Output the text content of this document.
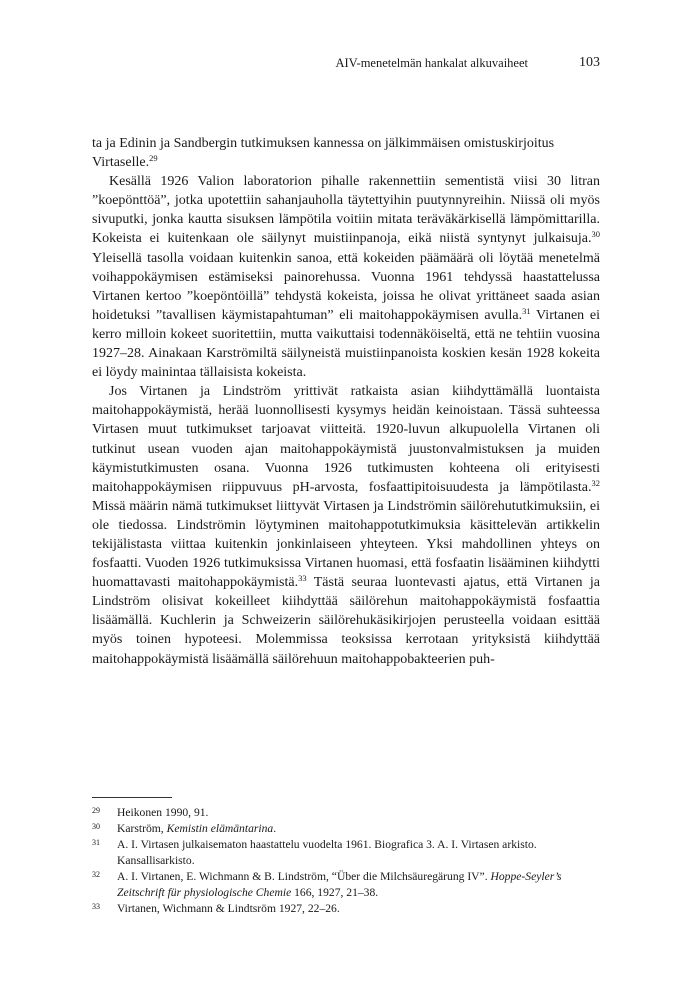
AIV-menetelmän hankalat alkuvaiheet	103

ta ja Edinin ja Sandbergin tutkimuksen kannessa on jälkimmäisen omistuskirjoitus
Virtaselle.$^{29}$

Kesällä 1926 Valion laboratorion pihalle rakennettiin sementistä viisi 30 litran ”koepönttöä”, jotka upotettiin sahanjauholla täytettyihin puutynnyreihin. Niissä oli myös sivuputki, jonka kautta sisuksen lämpötila voitiin mitata teräväkärkisellä lämpömittarilla. Kokeista ei kuitenkaan ole säilynyt muistiinpanoja, eikä niistä syntynyt julkaisuja.$^{30}$ Yleisellä tasolla voidaan kuitenkin sanoa, että kokeiden päämäärä oli löytää menetelmä voihappokäymisen estämiseksi painorehussa. Vuonna 1961 tehdyssä haastattelussa Virtanen kertoo ”koepöntöillä” tehdystä kokeista, joissa he olivat yrittäneet saada asian hoidetuksi ”tavallisen käymistapahtuman” eli maitohappokäymisen avulla.$^{31}$ Virtanen ei kerro milloin kokeet suoritettiin, mutta vaikuttaisi todennäköiseltä, että ne tehtiin vuosina 1927–28. Ainakaan Karströmiltä säilyneistä muistiinpanoista koskien kesän 1928 kokeita ei löydy mainintaa tällaisista kokeista.

Jos Virtanen ja Lindström yrittivät ratkaista asian kiihdyttämällä luontaista maitohappokäymistä, herää luonnollisesti kysymys heidän keinoistaan. Tässä suhteessa Virtasen muut tutkimukset tarjoavat viitteitä. 1920-luvun alkupuolella Virtanen oli tutkinut usean vuoden ajan maitohappokäymistä juustonvalmistuksen ja muiden käymistutkimusten osana. Vuonna 1926 tutkimusten kohteena oli erityisesti maitohappokäymisen riippuvuus pH-arvosta, fosfaattipitoisuudesta ja lämpötilasta.$^{32}$ Missä määrin nämä tutkimukset liittyvät Virtasen ja Lindströmin säilörehututkimuksiin, ei ole tiedossa. Lindströmin löytyminen maitohappotutkimuksia käsittelevän artikkelin tekijälistasta viittaa kuitenkin jonkinlaiseen yhteyteen. Yksi mahdollinen yhteys on fosfaatti. Vuoden 1926 tutkimuksissa Virtanen huomasi, että fosfaatin lisääminen kiihdytti huomattavasti maitohappokäymistä.$^{33}$ Tästä seuraa luontevasti ajatus, että Virtanen ja Lindström olisivat kokeilleet kiihdyttää säilörehun maitohappokäymistä fosfaattia lisäämällä. Kuchlerin ja Schweizerin säilörehukäsikirjojen perusteella voidaan esittää myös toinen hypoteesi. Molemmissa teoksissa kerrotaan yrityksistä kiihdyttää maitohappokäymistä lisäämällä säilörehuun maitohappobakteerien puh-

29 Heikonen 1990, 91.
30 Karström, Kemistin elämäntarina.
31 A. I. Virtasen julkaisematon haastattelu vuodelta 1961. Biografica 3. A. I. Virtasen arkisto. Kansallisarkisto.
32 A. I. Virtanen, E. Wichmann & B. Lindström, “Über die Milchsäuregärung IV”. Hoppe-Seyler’s Zeitschrift für physiologische Chemie 166, 1927, 21–38.
33 Virtanen, Wichmann & Lindtsröm 1927, 22–26.
